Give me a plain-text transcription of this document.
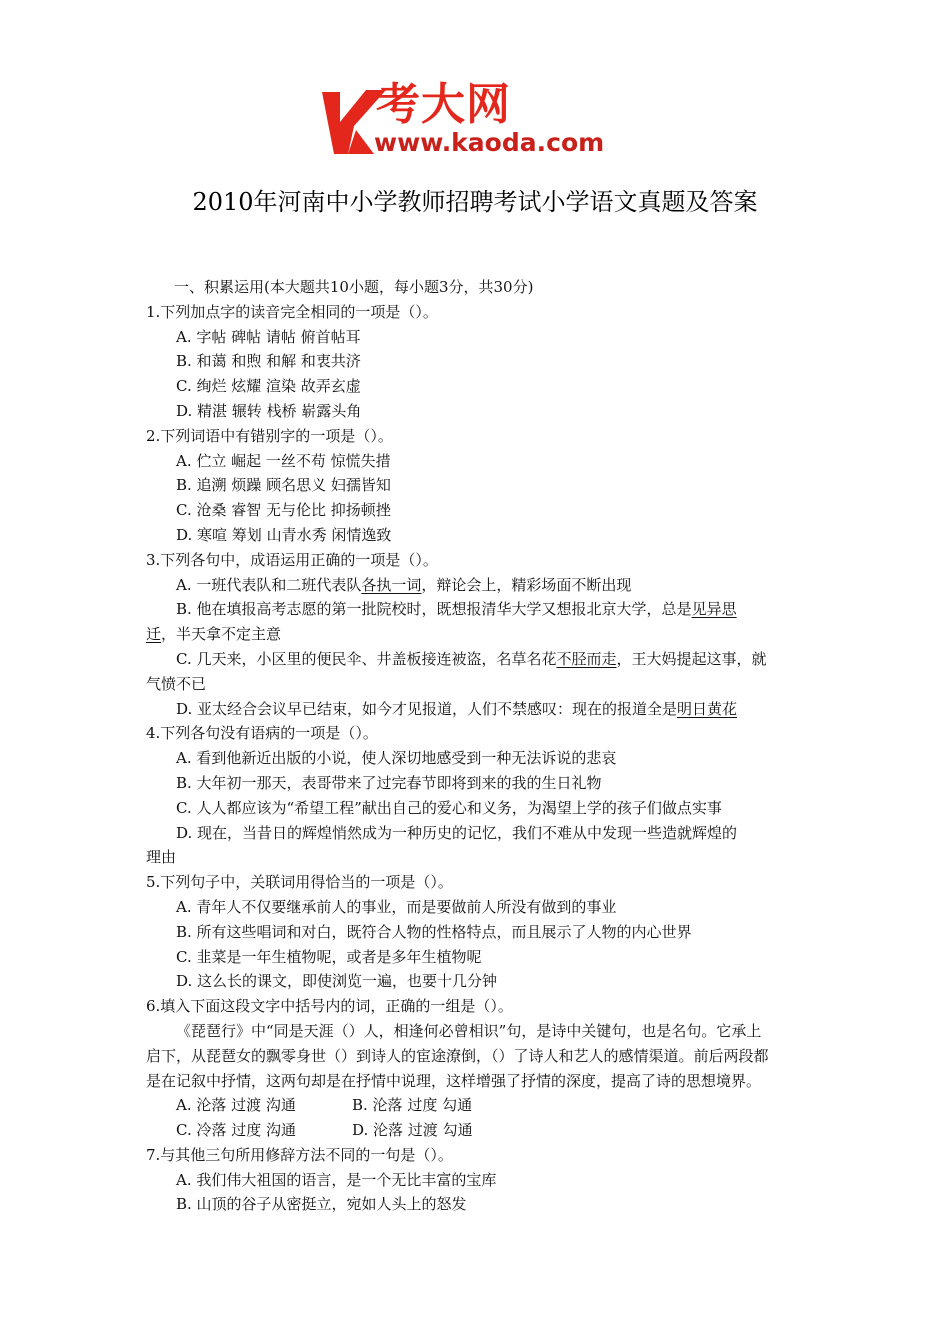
考大网
www.kaoda.com
2010年河南中小学教师招聘考试小学语文真题及答案
一、积累运用(本大题共10小题，每小题3分，共30分)
1.下列加点字的读音完全相同的一项是（）。
A. 字帖 碑帖 请帖 俯首帖耳
B. 和蔼 和煦 和解 和衷共济
C. 绚烂 炫耀 渲染 故弄玄虚
D. 精湛 辗转 栈桥 崭露头角
2.下列词语中有错别字的一项是（）。
A. 伫立 崛起 一丝不苟 惊慌失措
B. 追溯 烦躁 顾名思义 妇孺皆知
C. 沧桑 睿智 无与伦比 抑扬顿挫
D. 寒喧 筹划 山青水秀 闲情逸致
3.下列各句中，成语运用正确的一项是（）。
A. 一班代表队和二班代表队各执一词，辩论会上，精彩场面不断出现
B. 他在填报高考志愿的第一批院校时，既想报清华大学又想报北京大学，总是见异思
迁，半天拿不定主意
C. 几天来，小区里的便民伞、井盖板接连被盗，名草名花不胫而走，王大妈提起这事，就
气愤不已
D. 亚太经合会议早已结束，如今才见报道，人们不禁感叹：现在的报道全是明日黄花
4.下列各句没有语病的一项是（）。
A. 看到他新近出版的小说，使人深切地感受到一种无法诉说的悲哀
B. 大年初一那天，表哥带来了过完春节即将到来的我的生日礼物
C. 人人都应该为“希望工程”献出自己的爱心和义务，为渴望上学的孩子们做点实事
D. 现在，当昔日的辉煌悄然成为一种历史的记忆，我们不难从中发现一些造就辉煌的
理由
5.下列句子中，关联词用得恰当的一项是（）。
A. 青年人不仅要继承前人的事业，而是要做前人所没有做到的事业
B. 所有这些唱词和对白，既符合人物的性格特点，而且展示了人物的内心世界
C. 韭菜是一年生植物呢，或者是多年生植物呢
D. 这么长的课文，即使浏览一遍，也要十几分钟
6.填入下面这段文字中括号内的词，正确的一组是（）。
《琵琶行》中“同是天涯（）人，相逢何必曾相识”句，是诗中关键句，也是名句。它承上
启下，从琵琶女的飘零身世（）到诗人的宦途潦倒，（）了诗人和艺人的感情渠道。前后两段都
是在记叙中抒情，这两句却是在抒情中说理，这样增强了抒情的深度，提高了诗的思想境界。
A. 沦落 过渡 沟通	B. 沦落 过度 勾通
C. 冷落 过度 沟通	D. 沦落 过渡 勾通
7.与其他三句所用修辞方法不同的一句是（）。
A. 我们伟大祖国的语言，是一个无比丰富的宝库
B. 山顶的谷子从密挺立，宛如人头上的怒发
